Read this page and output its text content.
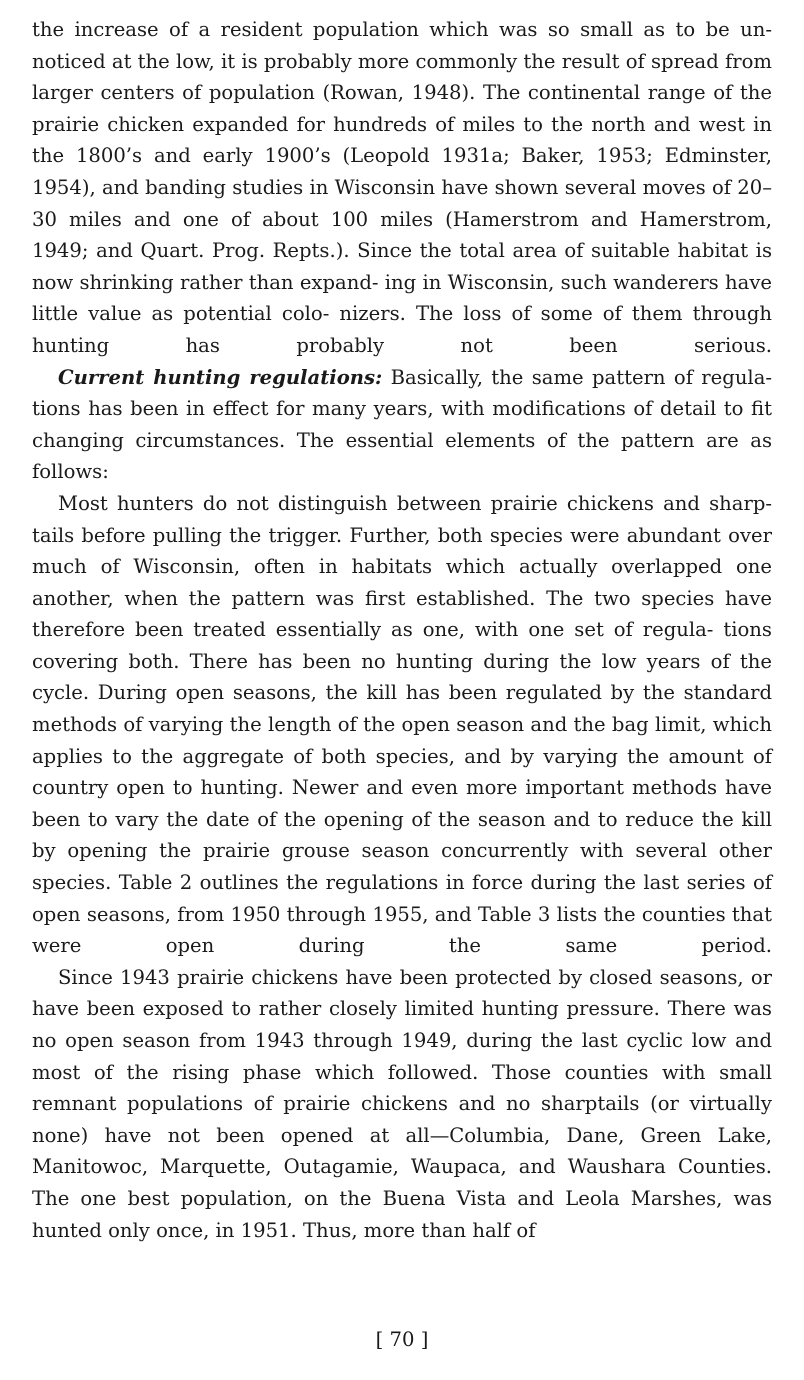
the increase of a resident population which was so small as to be un- noticed at the low, it is probably more commonly the result of spread from larger centers of population (Rowan, 1948). The continental range of the prairie chicken expanded for hundreds of miles to the north and west in the 1800’s and early 1900’s (Leopold 1931a; Baker, 1953; Edminster, 1954), and banding studies in Wisconsin have shown several moves of 20–30 miles and one of about 100 miles (Hamerstrom and Hamerstrom, 1949; and Quart. Prog. Repts.). Since the total area of suitable habitat is now shrinking rather than expand- ing in Wisconsin, such wanderers have little value as potential colo- nizers. The loss of some of them through hunting has probably not	been serious.

Current hunting regulations: Basically, the same pattern of regula- tions has been in effect for many years, with modifications of detail to fit changing circumstances. The essential elements of the pattern are as follows:

Most hunters do not distinguish between prairie chickens and sharp- tails before pulling the trigger. Further, both species were abundant over much of Wisconsin, often in habitats which actually overlapped one another, when the pattern was first established. The two species have therefore been treated essentially as one, with one set of regula- tions covering both. There has been no hunting during the low years of the cycle. During open seasons, the kill has been regulated by the standard methods of varying the length of the open season and the bag limit, which applies to the aggregate of both species, and by varying the amount of country open to hunting. Newer and even more important methods have been to vary the date of the opening of the season and to reduce the kill by opening the prairie grouse season concurrently with several other species. Table 2 outlines the regulations in force during the last series of open seasons, from 1950 through 1955, and Table 3 lists the counties that were open during the same	period.

Since 1943 prairie chickens have been protected by closed seasons, or have been exposed to rather closely limited hunting pressure. There was no open season from 1943 through 1949, during the last cyclic low and most of the rising phase which followed. Those counties with small remnant populations of prairie chickens and no sharptails (or virtually none) have not been opened at all—Columbia, Dane, Green Lake, Manitowoc, Marquette, Outagamie, Waupaca, and Waushara Counties. The one best population, on the Buena Vista and Leola Marshes, was hunted only once, in 1951. Thus, more than half of

[ 70 ]
